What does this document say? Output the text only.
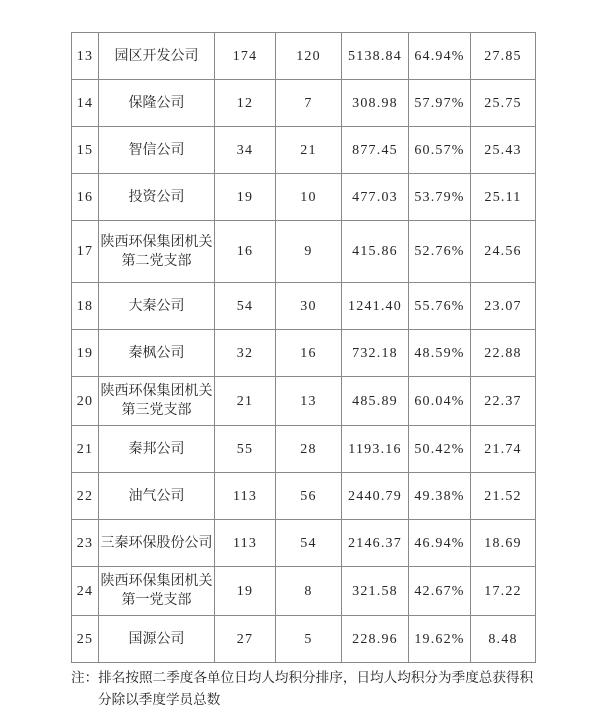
13	园区开发公司	174	120	5138.84	64.94%	27.85
14	保隆公司	12	7	308.98	57.97%	25.75
15	智信公司	34	21	877.45	60.57%	25.43
16	投资公司	19	10	477.03	53.79%	25.11
17	陕西环保集团机关第二党支部	16	9	415.86	52.76%	24.56
18	大秦公司	54	30	1241.40	55.76%	23.07
19	秦枫公司	32	16	732.18	48.59%	22.88
20	陕西环保集团机关第三党支部	21	13	485.89	60.04%	22.37
21	秦邦公司	55	28	1193.16	50.42%	21.74
22	油气公司	113	56	2440.79	49.38%	21.52
23	三秦环保股份公司	113	54	2146.37	46.94%	18.69
24	陕西环保集团机关第一党支部	19	8	321.58	42.67%	17.22
25	国源公司	27	5	228.96	19.62%	8.48
注：排名按照二季度各单位日均人均积分排序，日均人均积分为季度总获得积
分除以季度学员总数
